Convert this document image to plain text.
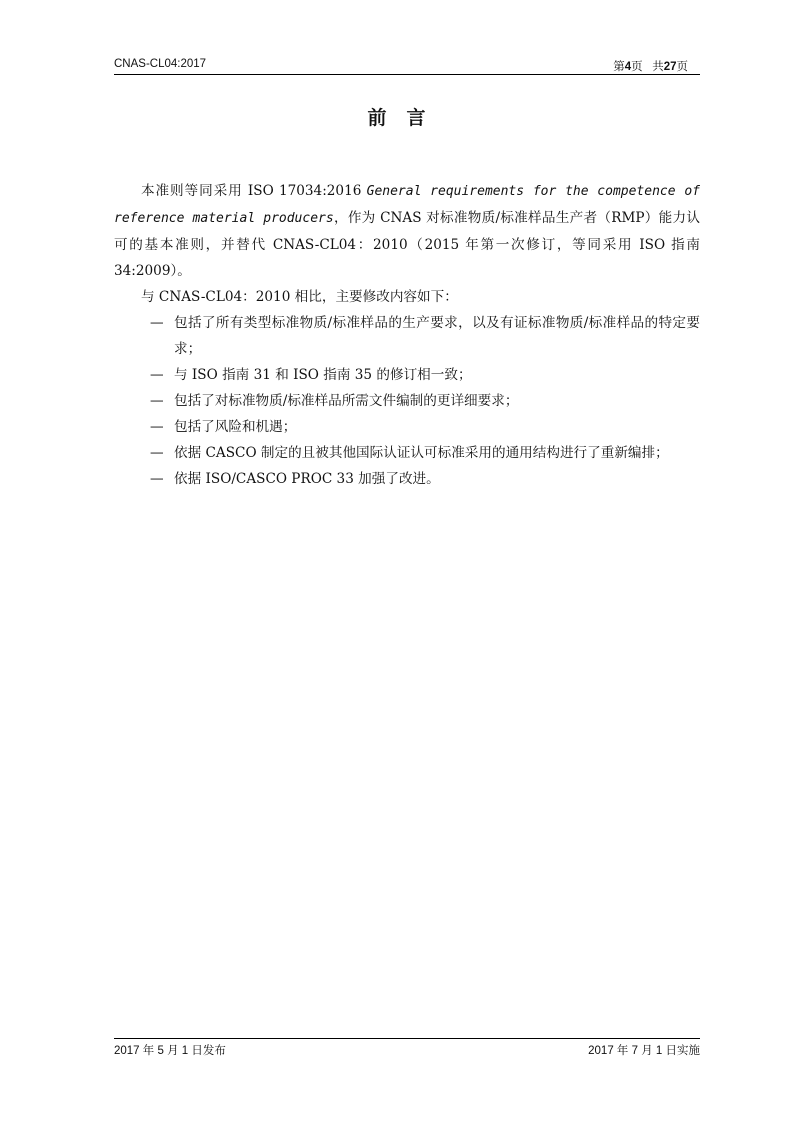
CNAS-CL04:2017	第4页 共27页
前言
本准则等同采用 ISO 17034:2016 General requirements for the competence of reference material producers，作为 CNAS 对标准物质/标准样品生产者（RMP）能力认可的基本准则，并替代 CNAS-CL04：2010（2015 年第一次修订，等同采用 ISO 指南 34:2009）。
与 CNAS-CL04：2010 相比，主要修改内容如下：
— 包括了所有类型标准物质/标准样品的生产要求，以及有证标准物质/标准样品的特定要求；
— 与 ISO 指南 31 和 ISO 指南 35 的修订相一致；
— 包括了对标准物质/标准样品所需文件编制的更详细要求；
— 包括了风险和机遇；
— 依据 CASCO 制定的且被其他国际认证认可标准采用的通用结构进行了重新编排；
— 依据 ISO/CASCO PROC 33 加强了改进。
2017 年 5 月 1 日发布	2017 年 7 月 1 日实施
